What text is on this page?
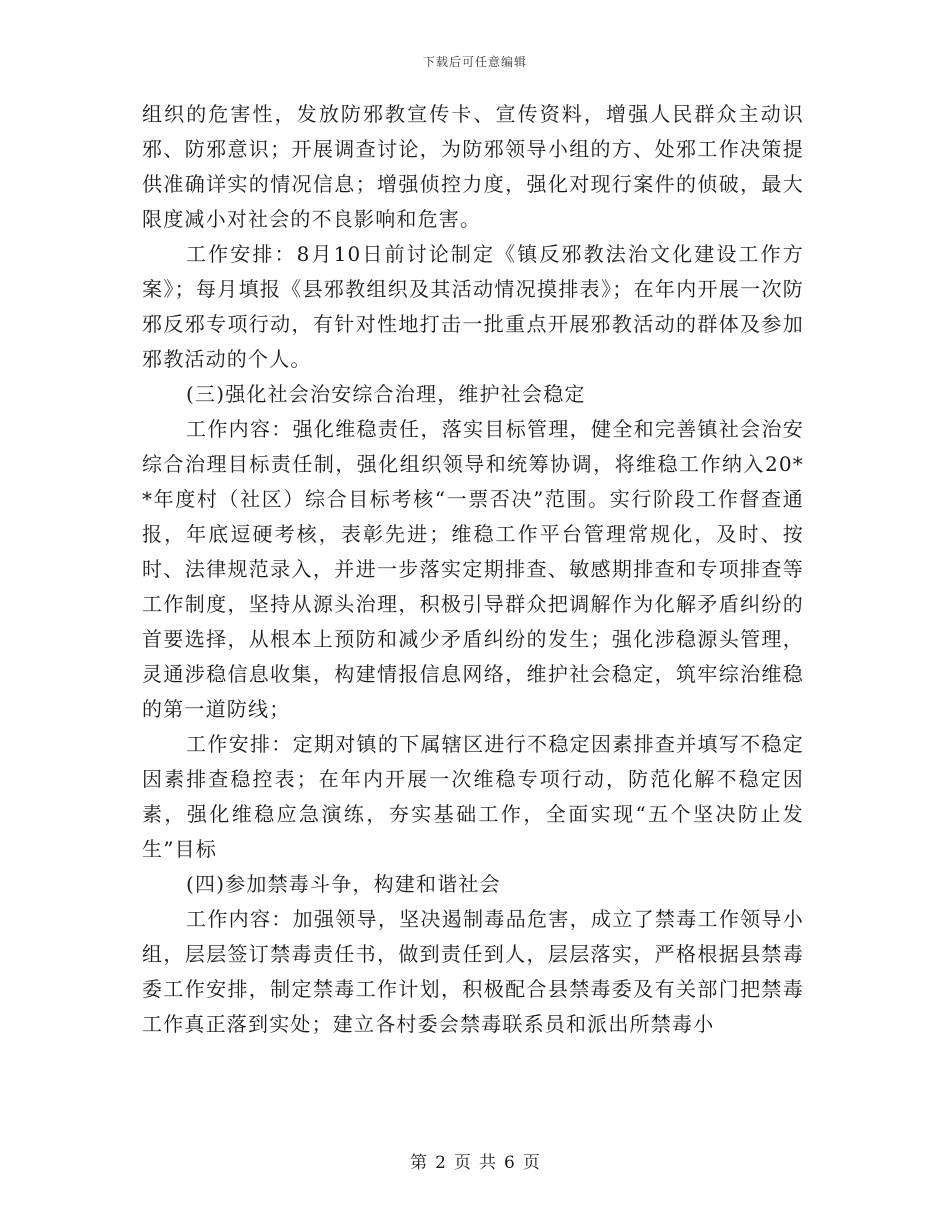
下载后可任意编辑

组织的危害性，发放防邪教宣传卡、宣传资料，增强人民群众主动识邪、防邪意识；开展调查讨论，为防邪领导小组的方、处邪工作决策提供准确详实的情况信息；增强侦控力度，强化对现行案件的侦破，最大限度减小对社会的不良影响和危害。

工作安排：8月10日前讨论制定《镇反邪教法治文化建设工作方案》；每月填报《县邪教组织及其活动情况摸排表》；在年内开展一次防邪反邪专项行动，有针对性地打击一批重点开展邪教活动的群体及参加邪教活动的个人。

(三)强化社会治安综合治理，维护社会稳定

工作内容：强化维稳责任，落实目标管理，健全和完善镇社会治安综合治理目标责任制，强化组织领导和统筹协调，将维稳工作纳入20**年度村（社区）综合目标考核“一票否决”范围。实行阶段工作督查通报，年底逗硬考核，表彰先进；维稳工作平台管理常规化，及时、按时、法律规范录入，并进一步落实定期排查、敏感期排查和专项排查等工作制度，坚持从源头治理，积极引导群众把调解作为化解矛盾纠纷的首要选择，从根本上预防和减少矛盾纠纷的发生；强化涉稳源头管理，灵通涉稳信息收集，构建情报信息网络，维护社会稳定，筑牢综治维稳的第一道防线；

工作安排：定期对镇的下属辖区进行不稳定因素排查并填写不稳定因素排查稳控表；在年内开展一次维稳专项行动，防范化解不稳定因素，强化维稳应急演练，夯实基础工作，全面实现“五个坚决防止发生”目标

(四)参加禁毒斗争，构建和谐社会

工作内容：加强领导，坚决遏制毒品危害，成立了禁毒工作领导小组，层层签订禁毒责任书，做到责任到人，层层落实，严格根据县禁毒委工作安排，制定禁毒工作计划，积极配合县禁毒委及有关部门把禁毒工作真正落到实处；建立各村委会禁毒联系员和派出所禁毒小

第 2 页 共 6 页
